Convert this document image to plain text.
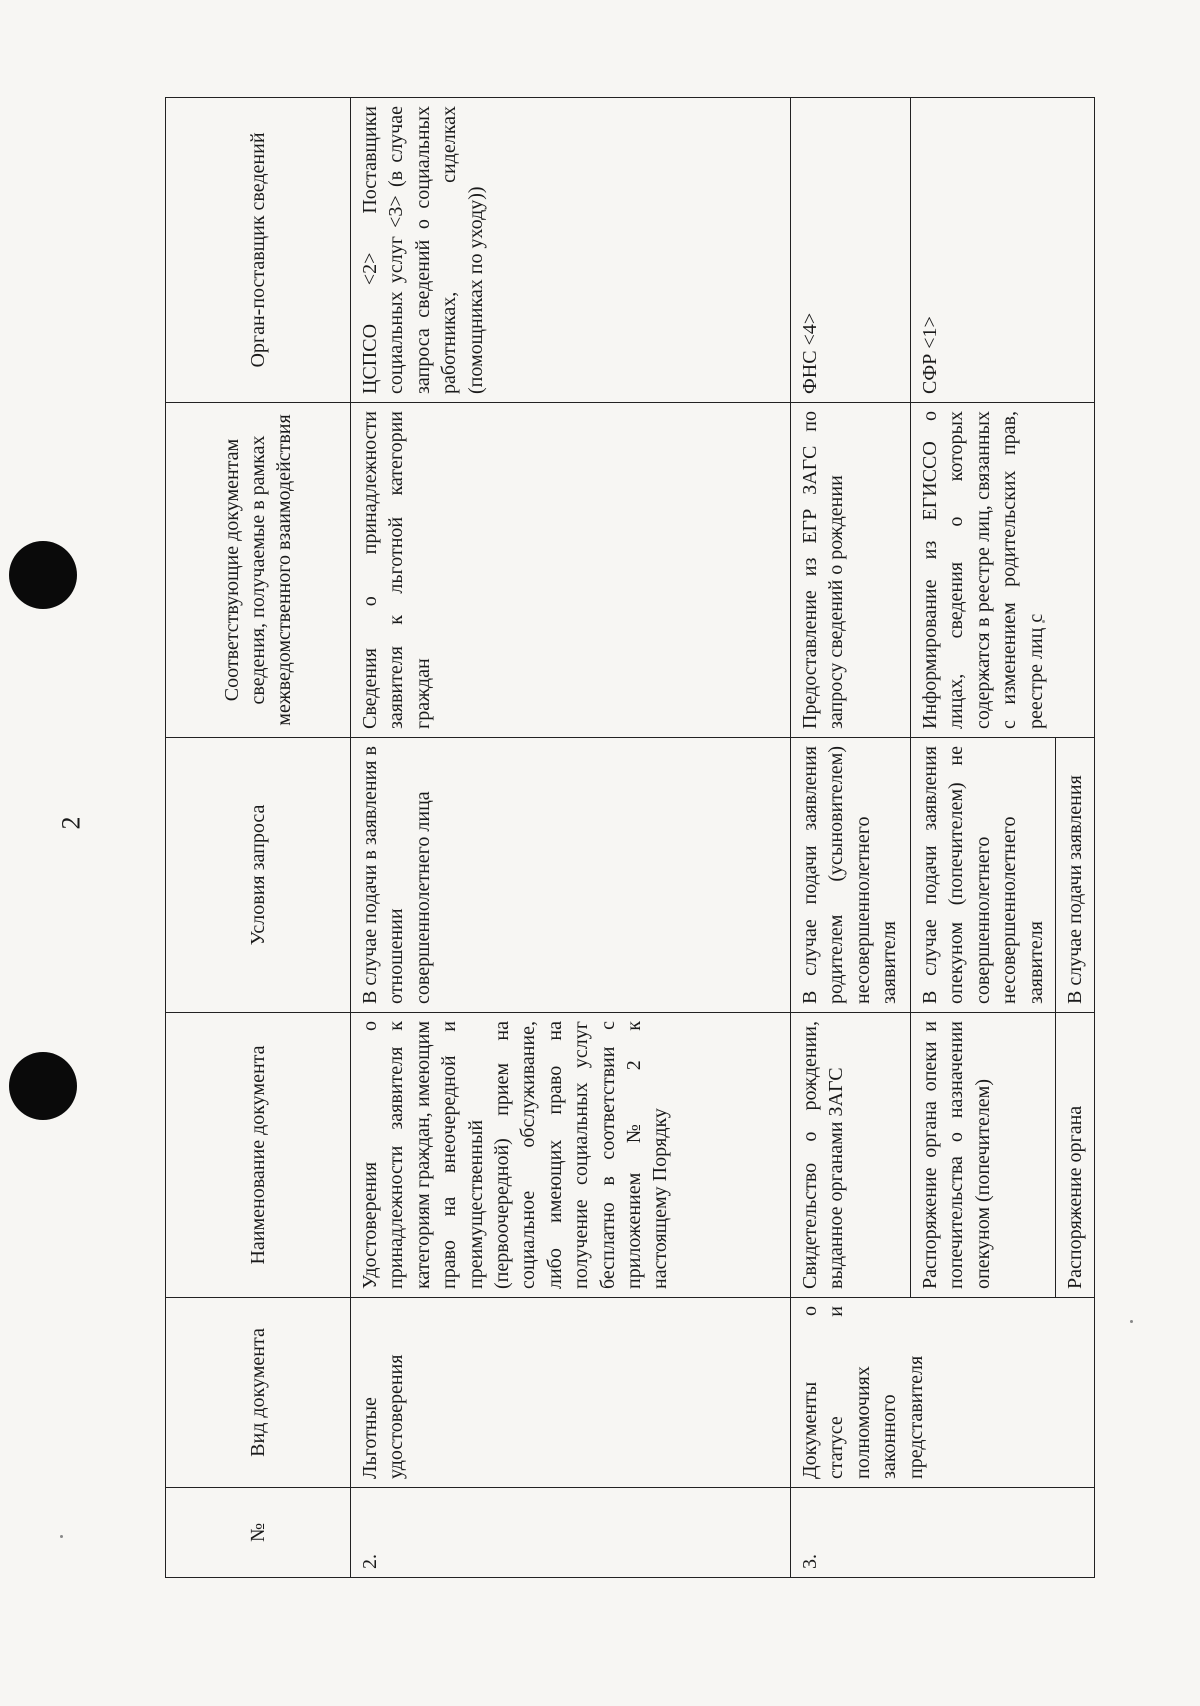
2
№	Вид документа	Наименование документа	Условия запроса	Соответствующие документам сведения, получаемые в рамках межведомственного взаимодействия	Орган-поставщик сведений
2.	Льготные удостоверения	Удостоверения о принадлежности заявителя к категориям граждан, имеющим право на внеочередной и преимущественный (первоочередной) прием на социальное обслуживание, либо имеющих право на получение социальных услуг бесплатно в соответствии с приложением № 2 к настоящему Порядку	В случае подачи в заявления в отношении совершеннолетнего лица	Сведения о принадлежности заявителя к льготной категории граждан	ЦСПСО <2> Поставщики социальных услуг <3> (в случае запроса сведений о социальных работниках, сиделках (помощниках по уходу))
3.	Документы о статусе и полномочиях законного представителя	Свидетельство о рождении, выданное органами ЗАГС	В случае подачи заявления родителем (усыновителем) несовершеннолетнего заявителя	Предоставление из ЕГР ЗАГС по запросу сведений о рождении	ФНС <4>
		Распоряжение органа опеки и попечительства о назначении опекуном (попечителем)	В случае подачи заявления опекуном (попечителем) не совершеннолетнего несовершеннолетнего заявителя	Информирование из ЕГИССО о лицах, сведения о которых содержатся в реестре лиц, связанных с изменением родительских прав, реестре лиц с	СФР <1>
		Распоряжение органа	В случае подачи заявления		
